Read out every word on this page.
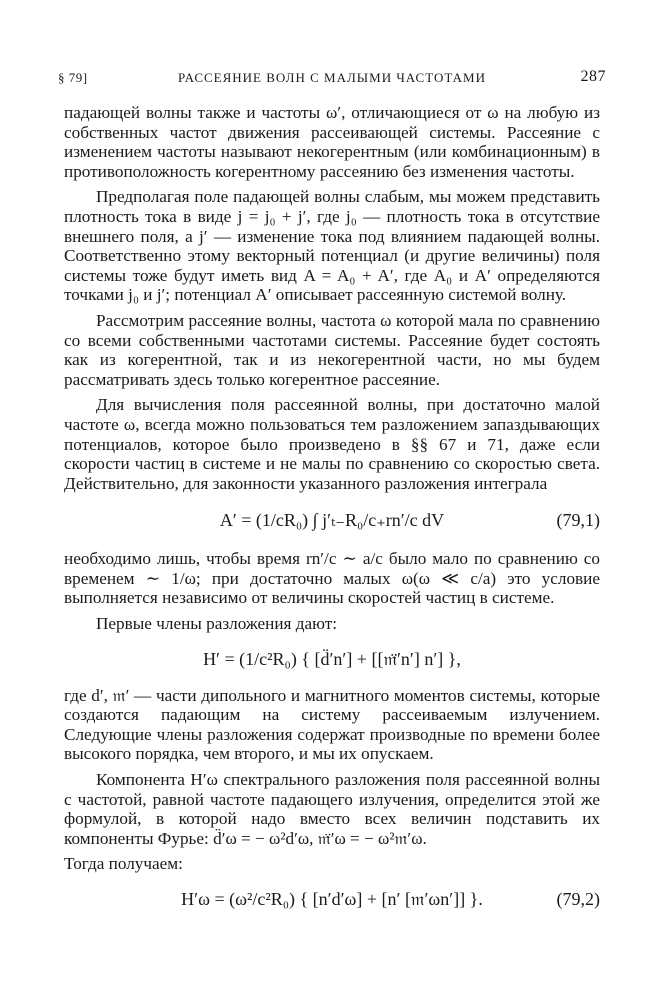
§ 79]	РАССЕЯНИЕ ВОЛН С МАЛЫМИ ЧАСТОТАМИ	287

падающей волны также и частоты ω′, отличающиеся от ω на любую из собственных частот движения рассеивающей системы. Рассеяние с изменением частоты называют некогерентным (или комбинационным) в противоположность когерентному рассеянию без изменения частоты.

Предполагая поле падающей волны слабым, мы можем представить плотность тока в виде j = j₀ + j′, где j₀ — плотность тока в отсутствие внешнего поля, а j′ — изменение тока под влиянием падающей волны. Соответственно этому векторный потенциал (и другие величины) поля системы тоже будут иметь вид A = A₀ + A′, где A₀ и A′ определяются точками j₀ и j′; потенциал A′ описывает рассеянную системой волну.

Рассмотрим рассеяние волны, частота ω которой мала по сравнению со всеми собственными частотами системы. Рассеяние будет состоять как из когерентной, так и из некогерентной части, но мы будем рассматривать здесь только когерентное рассеяние.

Для вычисления поля рассеянной волны, при достаточно малой частоте ω, всегда можно пользоваться тем разложением запаздывающих потенциалов, которое было произведено в §§ 67 и 71, даже если скорости частиц в системе и не малы по сравнению со скоростью света. Действительно, для законности указанного разложения интеграла

A′ = (1/cR₀) ∫ j′ₜ₋R₀/c₊rn′/c dV	(79,1)

необходимо лишь, чтобы время rn′/c ∼ a/c было мало по сравнению со временем ∼ 1/ω; при достаточно малых ω(ω ≪ c/a) это условие выполняется независимо от величины скоростей частиц в системе.

Первые члены разложения дают:

H′ = (1/c²R₀) { [d̈′n′] + [[𝔪̈′n′] n′] },

где d′, 𝔪′ — части дипольного и магнитного моментов системы, которые создаются падающим на систему рассеиваемым излучением. Следующие члены разложения содержат производные по времени более высокого порядка, чем второго, и мы их опускаем.

Компонента H′ω спектрального разложения поля рассеянной волны с частотой, равной частоте падающего излучения, определится этой же формулой, в которой надо вместо всех величин подставить их компоненты Фурье: d̈′ω = − ω²d′ω, 𝔪̈′ω = − ω²𝔪′ω.

Тогда получаем:

H′ω = (ω²/c²R₀) { [n′d′ω] + [n′ [𝔪′ωn′]] }.	(79,2)
